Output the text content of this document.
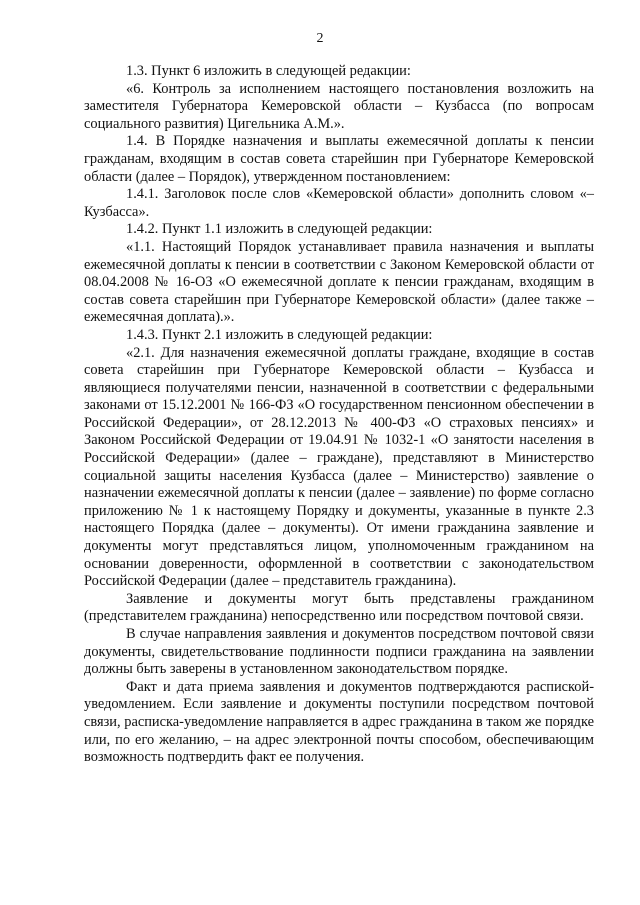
2

1.3. Пункт 6 изложить в следующей редакции:

«6. Контроль за исполнением настоящего постановления возложить на заместителя Губернатора Кемеровской области – Кузбасса (по вопросам социального развития) Цигельника А.М.».

1.4. В Порядке назначения и выплаты ежемесячной доплаты к пенсии гражданам, входящим в состав совета старейшин при Губернаторе Кемеровской области (далее – Порядок), утвержденном постановлением:

1.4.1. Заголовок после слов «Кемеровской области» дополнить словом «– Кузбасса».

1.4.2. Пункт 1.1 изложить в следующей редакции:

«1.1. Настоящий Порядок устанавливает правила назначения и выплаты ежемесячной доплаты к пенсии в соответствии с Законом Кемеровской области от 08.04.2008 № 16-ОЗ «О ежемесячной доплате к пенсии гражданам, входящим в состав совета старейшин при Губернаторе Кемеровской области» (далее также – ежемесячная доплата).».

1.4.3. Пункт 2.1 изложить в следующей редакции:

«2.1. Для назначения ежемесячной доплаты граждане, входящие в состав совета старейшин при Губернаторе Кемеровской области – Кузбасса и являющиеся получателями пенсии, назначенной в соответствии с федеральными законами от 15.12.2001 № 166-ФЗ «О государственном пенсионном обеспечении в Российской Федерации», от 28.12.2013 № 400-ФЗ «О страховых пенсиях» и Законом Российской Федерации от 19.04.91 № 1032-1 «О занятости населения в Российской Федерации» (далее – граждане), представляют в Министерство социальной защиты населения Кузбасса (далее – Министерство) заявление о назначении ежемесячной доплаты к пенсии (далее – заявление) по форме согласно приложению № 1 к настоящему Порядку и документы, указанные в пункте 2.3 настоящего Порядка (далее – документы). От имени гражданина заявление и документы могут представляться лицом, уполномоченным гражданином на основании доверенности, оформленной в соответствии с законодательством Российской Федерации (далее – представитель гражданина).

Заявление и документы могут быть представлены гражданином (представителем гражданина) непосредственно или посредством почтовой связи.

В случае направления заявления и документов посредством почтовой связи документы, свидетельствование подлинности подписи гражданина на заявлении должны быть заверены в установленном законодательством порядке.

Факт и дата приема заявления и документов подтверждаются распиской-уведомлением. Если заявление и документы поступили посредством почтовой связи, расписка-уведомление направляется в адрес гражданина в таком же порядке или, по его желанию, – на адрес электронной почты способом, обеспечивающим возможность подтвердить факт ее получения.
